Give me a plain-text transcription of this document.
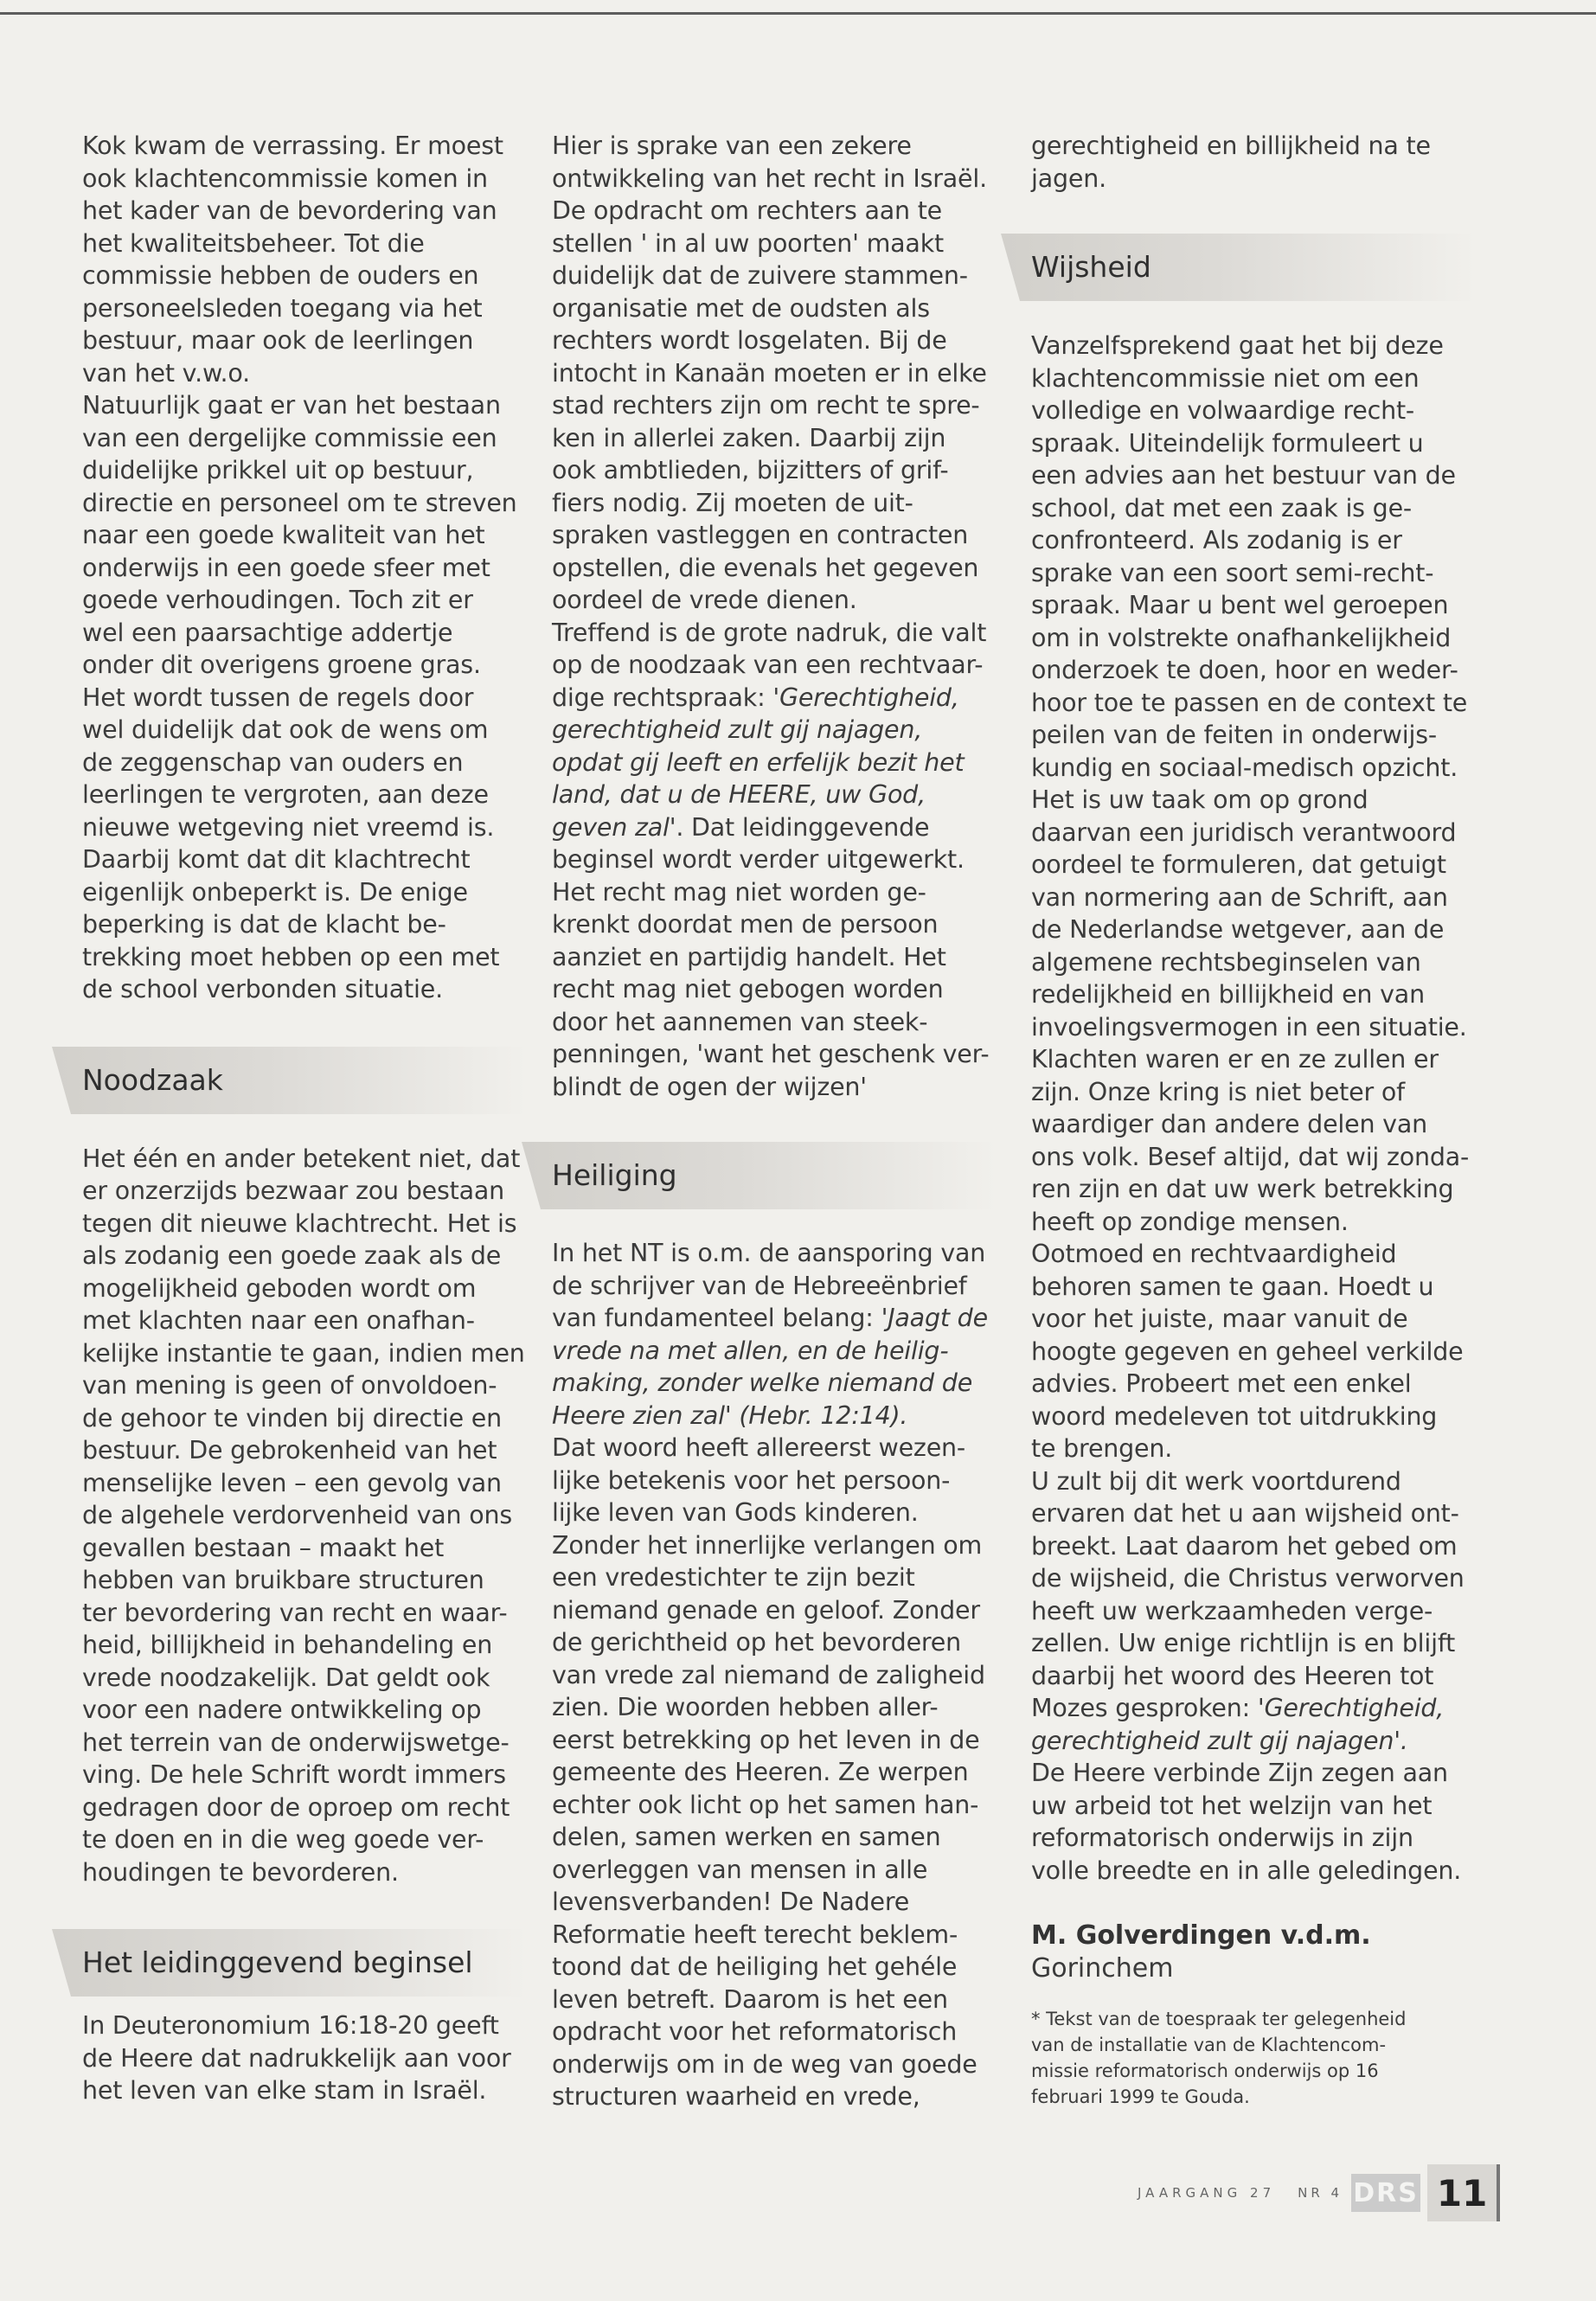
Kok kwam de verrassing. Er moest
ook klachtencommissie komen in
het kader van de bevordering van
het kwaliteitsbeheer. Tot die
commissie hebben de ouders en
personeelsleden toegang via het
bestuur, maar ook de leerlingen
van het v.w.o.
Natuurlijk gaat er van het bestaan
van een dergelijke commissie een
duidelijke prikkel uit op bestuur,
directie en personeel om te streven
naar een goede kwaliteit van het
onderwijs in een goede sfeer met
goede verhoudingen. Toch zit er
wel een paarsachtige addertje
onder dit overigens groene gras.
Het wordt tussen de regels door
wel duidelijk dat ook de wens om
de zeggenschap van ouders en
leerlingen te vergroten, aan deze
nieuwe wetgeving niet vreemd is.
Daarbij komt dat dit klachtrecht
eigenlijk onbeperkt is. De enige
beperking is dat de klacht be-
trekking moet hebben op een met
de school verbonden situatie.

Noodzaak

Het één en ander betekent niet, dat
er onzerzijds bezwaar zou bestaan
tegen dit nieuwe klachtrecht. Het is
als zodanig een goede zaak als de
mogelijkheid geboden wordt om
met klachten naar een onafhan-
kelijke instantie te gaan, indien men
van mening is geen of onvoldoen-
de gehoor te vinden bij directie en
bestuur. De gebrokenheid van het
menselijke leven – een gevolg van
de algehele verdorvenheid van ons
gevallen bestaan – maakt het
hebben van bruikbare structuren
ter bevordering van recht en waar-
heid, billijkheid in behandeling en
vrede noodzakelijk. Dat geldt ook
voor een nadere ontwikkeling op
het terrein van de onderwijswetge-
ving. De hele Schrift wordt immers
gedragen door de oproep om recht
te doen en in die weg goede ver-
houdingen te bevorderen.

Het leidinggevend beginsel

In Deuteronomium 16:18-20 geeft
de Heere dat nadrukkelijk aan voor
het leven van elke stam in Israël.

Hier is sprake van een zekere
ontwikkeling van het recht in Israël.
De opdracht om rechters aan te
stellen ' in al uw poorten' maakt
duidelijk dat de zuivere stammen-
organisatie met de oudsten als
rechters wordt losgelaten. Bij de
intocht in Kanaän moeten er in elke
stad rechters zijn om recht te spre-
ken in allerlei zaken. Daarbij zijn
ook ambtlieden, bijzitters of grif-
fiers nodig. Zij moeten de uit-
spraken vastleggen en contracten
opstellen, die evenals het gegeven
oordeel de vrede dienen.
Treffend is de grote nadruk, die valt
op de noodzaak van een rechtvaar-
dige rechtspraak: 'Gerechtigheid,
gerechtigheid zult gij najagen,
opdat gij leeft en erfelijk bezit het
land, dat u de HEERE, uw God,
geven zal'. Dat leidinggevende
beginsel wordt verder uitgewerkt.
Het recht mag niet worden ge-
krenkt doordat men de persoon
aanziet en partijdig handelt. Het
recht mag niet gebogen worden
door het aannemen van steek-
penningen, 'want het geschenk ver-
blindt de ogen der wijzen'

Heiliging

In het NT is o.m. de aansporing van
de schrijver van de Hebreeënbrief
van fundamenteel belang: 'Jaagt de
vrede na met allen, en de heilig-
making, zonder welke niemand de
Heere zien zal' (Hebr. 12:14).
Dat woord heeft allereerst wezen-
lijke betekenis voor het persoon-
lijke leven van Gods kinderen.
Zonder het innerlijke verlangen om
een vredestichter te zijn bezit
niemand genade en geloof. Zonder
de gerichtheid op het bevorderen
van vrede zal niemand de zaligheid
zien. Die woorden hebben aller-
eerst betrekking op het leven in de
gemeente des Heeren. Ze werpen
echter ook licht op het samen han-
delen, samen werken en samen
overleggen van mensen in alle
levensverbanden! De Nadere
Reformatie heeft terecht beklem-
toond dat de heiliging het gehéle
leven betreft. Daarom is het een
opdracht voor het reformatorisch
onderwijs om in de weg van goede
structuren waarheid en vrede,

gerechtigheid en billijkheid na te
jagen.

Wijsheid

Vanzelfsprekend gaat het bij deze
klachtencommissie niet om een
volledige en volwaardige recht-
spraak. Uiteindelijk formuleert u
een advies aan het bestuur van de
school, dat met een zaak is ge-
confronteerd. Als zodanig is er
sprake van een soort semi-recht-
spraak. Maar u bent wel geroepen
om in volstrekte onafhankelijkheid
onderzoek te doen, hoor en weder-
hoor toe te passen en de context te
peilen van de feiten in onderwijs-
kundig en sociaal-medisch opzicht.
Het is uw taak om op grond
daarvan een juridisch verantwoord
oordeel te formuleren, dat getuigt
van normering aan de Schrift, aan
de Nederlandse wetgever, aan de
algemene rechtsbeginselen van
redelijkheid en billijkheid en van
invoelingsvermogen in een situatie.
Klachten waren er en ze zullen er
zijn. Onze kring is niet beter of
waardiger dan andere delen van
ons volk. Besef altijd, dat wij zonda-
ren zijn en dat uw werk betrekking
heeft op zondige mensen.
Ootmoed en rechtvaardigheid
behoren samen te gaan. Hoedt u
voor het juiste, maar vanuit de
hoogte gegeven en geheel verkilde
advies. Probeert met een enkel
woord medeleven tot uitdrukking
te brengen.
U zult bij dit werk voortdurend
ervaren dat het u aan wijsheid ont-
breekt. Laat daarom het gebed om
de wijsheid, die Christus verworven
heeft uw werkzaamheden verge-
zellen. Uw enige richtlijn is en blijft
daarbij het woord des Heeren tot
Mozes gesproken: 'Gerechtigheid,
gerechtigheid zult gij najagen'.
De Heere verbinde Zijn zegen aan
uw arbeid tot het welzijn van het
reformatorisch onderwijs in zijn
volle breedte en in alle geledingen.

M. Golverdingen v.d.m.

Gorinchem

* Tekst van de toespraak ter gelegenheid
van de installatie van de Klachtencom-
missie reformatorisch onderwijs op 16
februari 1999 te Gouda.

JAARGANG 27 NR 4 DRS 11
